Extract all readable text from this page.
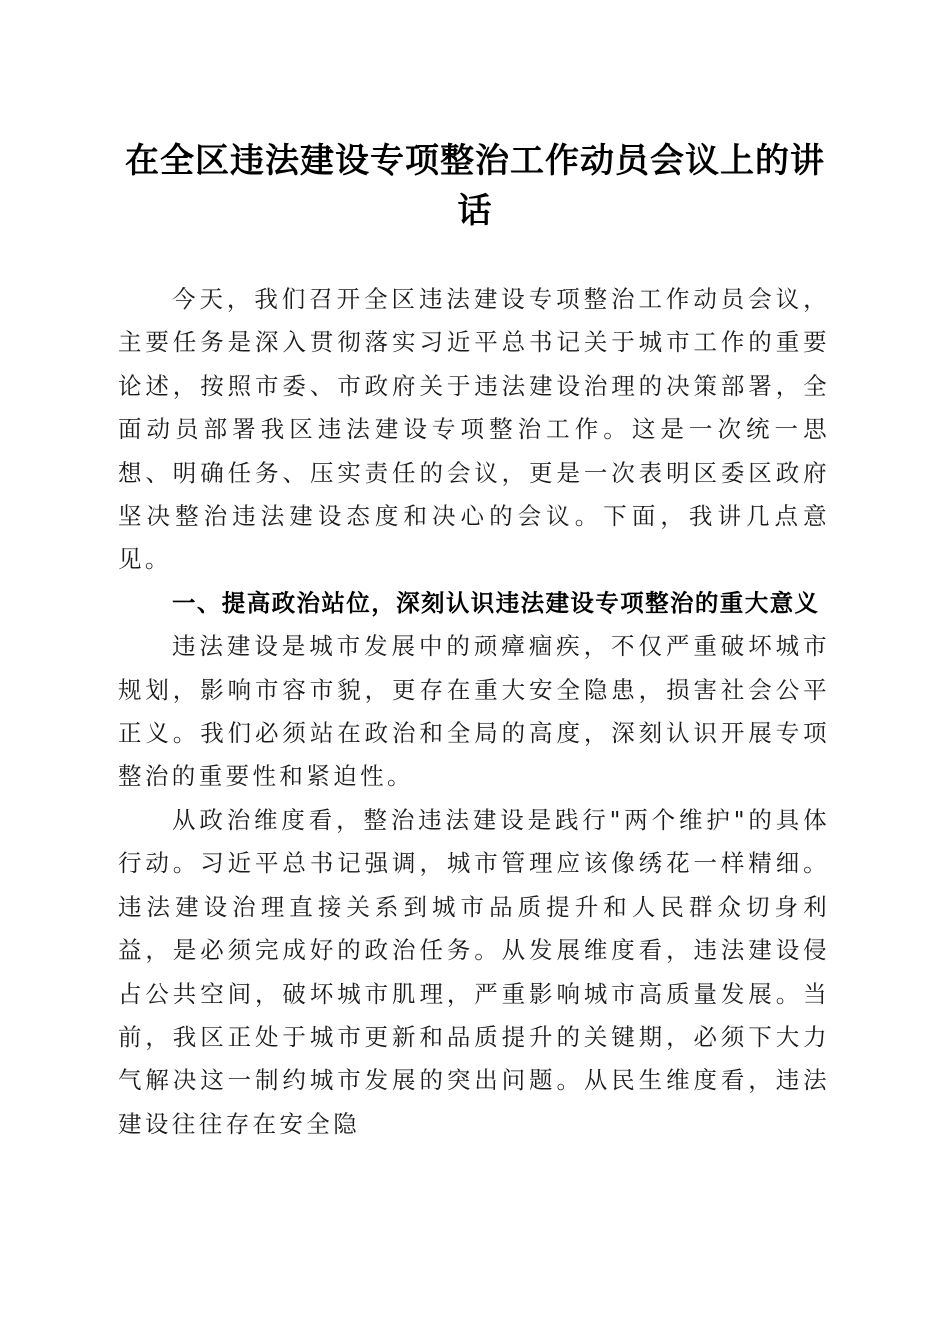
在全区违法建设专项整治工作动员会议上的讲话

今天，我们召开全区违法建设专项整治工作动员会议，主要任务是深入贯彻落实习近平总书记关于城市工作的重要论述，按照市委、市政府关于违法建设治理的决策部署，全面动员部署我区违法建设专项整治工作。这是一次统一思想、明确任务、压实责任的会议，更是一次表明区委区政府坚决整治违法建设态度和决心的会议。下面，我讲几点意见。

一、提高政治站位，深刻认识违法建设专项整治的重大意义

违法建设是城市发展中的顽瘴痼疾，不仅严重破坏城市规划，影响市容市貌，更存在重大安全隐患，损害社会公平正义。我们必须站在政治和全局的高度，深刻认识开展专项整治的重要性和紧迫性。

从政治维度看，整治违法建设是践行"两个维护"的具体行动。习近平总书记强调，城市管理应该像绣花一样精细。违法建设治理直接关系到城市品质提升和人民群众切身利益，是必须完成好的政治任务。从发展维度看，违法建设侵占公共空间，破坏城市肌理，严重影响城市高质量发展。当前，我区正处于城市更新和品质提升的关键期，必须下大力气解决这一制约城市发展的突出问题。从民生维度看，违法建设往往存在安全隐
